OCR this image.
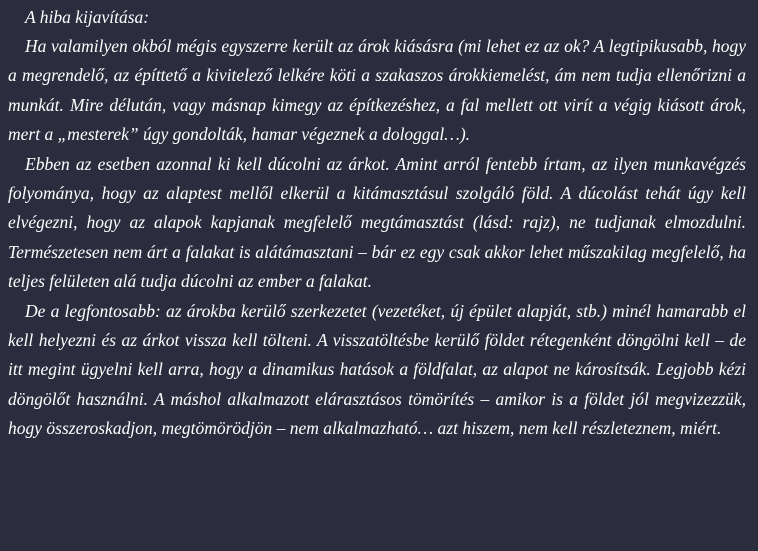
A hiba kijavítása:

Ha valamilyen okból mégis egyszerre került az árok kiásásra (mi lehet ez az ok? A legtipikusabb, hogy a megrendelő, az építtető a kivitelező lelkére köti a szakaszos árokkiemelést, ám nem tudja ellenőrizni a munkát. Mire délután, vagy másnap kimegy az építkezéshez, a fal mellett ott virít a végig kiásott árok, mert a „mesterek” úgy gondolták, hamar végeznek a dologgal…).

Ebben az esetben azonnal ki kell dúcolni az árkot. Amint arról fentebb írtam, az ilyen munkavégzés folyománya, hogy az alaptest mellől elkerül a kitámasztásul szolgáló föld. A dúcolást tehát úgy kell elvégezni, hogy az alapok kapjanak megfelelő megtámasztást (lásd: rajz), ne tudjanak elmozdulni. Természetesen nem árt a falakat is alátámasztani – bár ez egy csak akkor lehet műszakilag megfelelő, ha teljes felületen alá tudja dúcolni az ember a falakat.

De a legfontosabb: az árokba kerülő szerkezetet (vezetéket, új épület alapját, stb.) minél hamarabb el kell helyezni és az árkot vissza kell tölteni. A visszatöltésbe kerülő földet rétegenként döngölni kell – de itt megint ügyelni kell arra, hogy a dinamikus hatások a földfalat, az alapot ne károsítsák. Legjobb kézi döngölőt használni. A máshol alkalmazott elárasztásos tömörítés – amikor is a földet jól megvizezzük, hogy összeroskadjon, megtömörödjön – nem alkalmazható… azt hiszem, nem kell részleteznem, miért.
